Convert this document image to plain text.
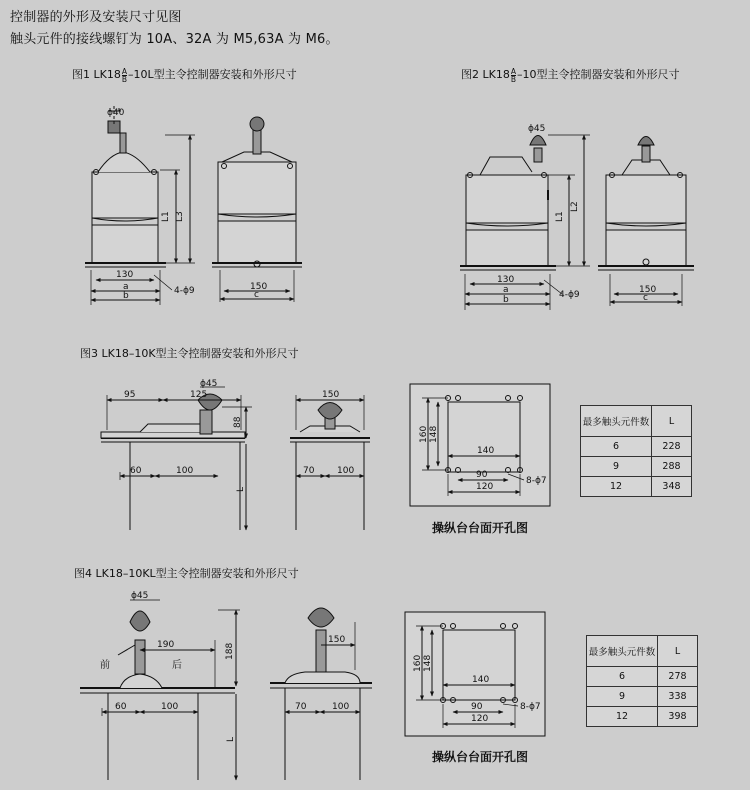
控制器的外形及安装尺寸见图
触头元件的接线螺钉为 10A、32A 为 M5,63A 为 M6。
图1 $LK18 \frac{A}{B} -10L$型主令控制器安装和外形尺寸	图2 $LK18 \frac{A}{B} -10$型主令控制器安装和外形尺寸
图3 LK18–10K型主令控制器安装和外形尺寸
图4 LK18–10KL型主令控制器安装和外形尺寸
操纵台台面开孔图
操纵台台面开孔图
ϕ40
L3
L1
130
a
b	4-ϕ9	150
c
ϕ45
L2
L1
130
a
b	4-ϕ9	150
c
95	125
ϕ45
88
L
60	100
150
70	100
160 148
140
90
120
8-ϕ7
ϕ45
188
L
190
前	后
60	100
150
70	100
160 148
140
90
120
8-ϕ7
最多触头元件数	L
6	228
9	288
12	348
最多触头元件数	L
6	278
9	338
12	398
